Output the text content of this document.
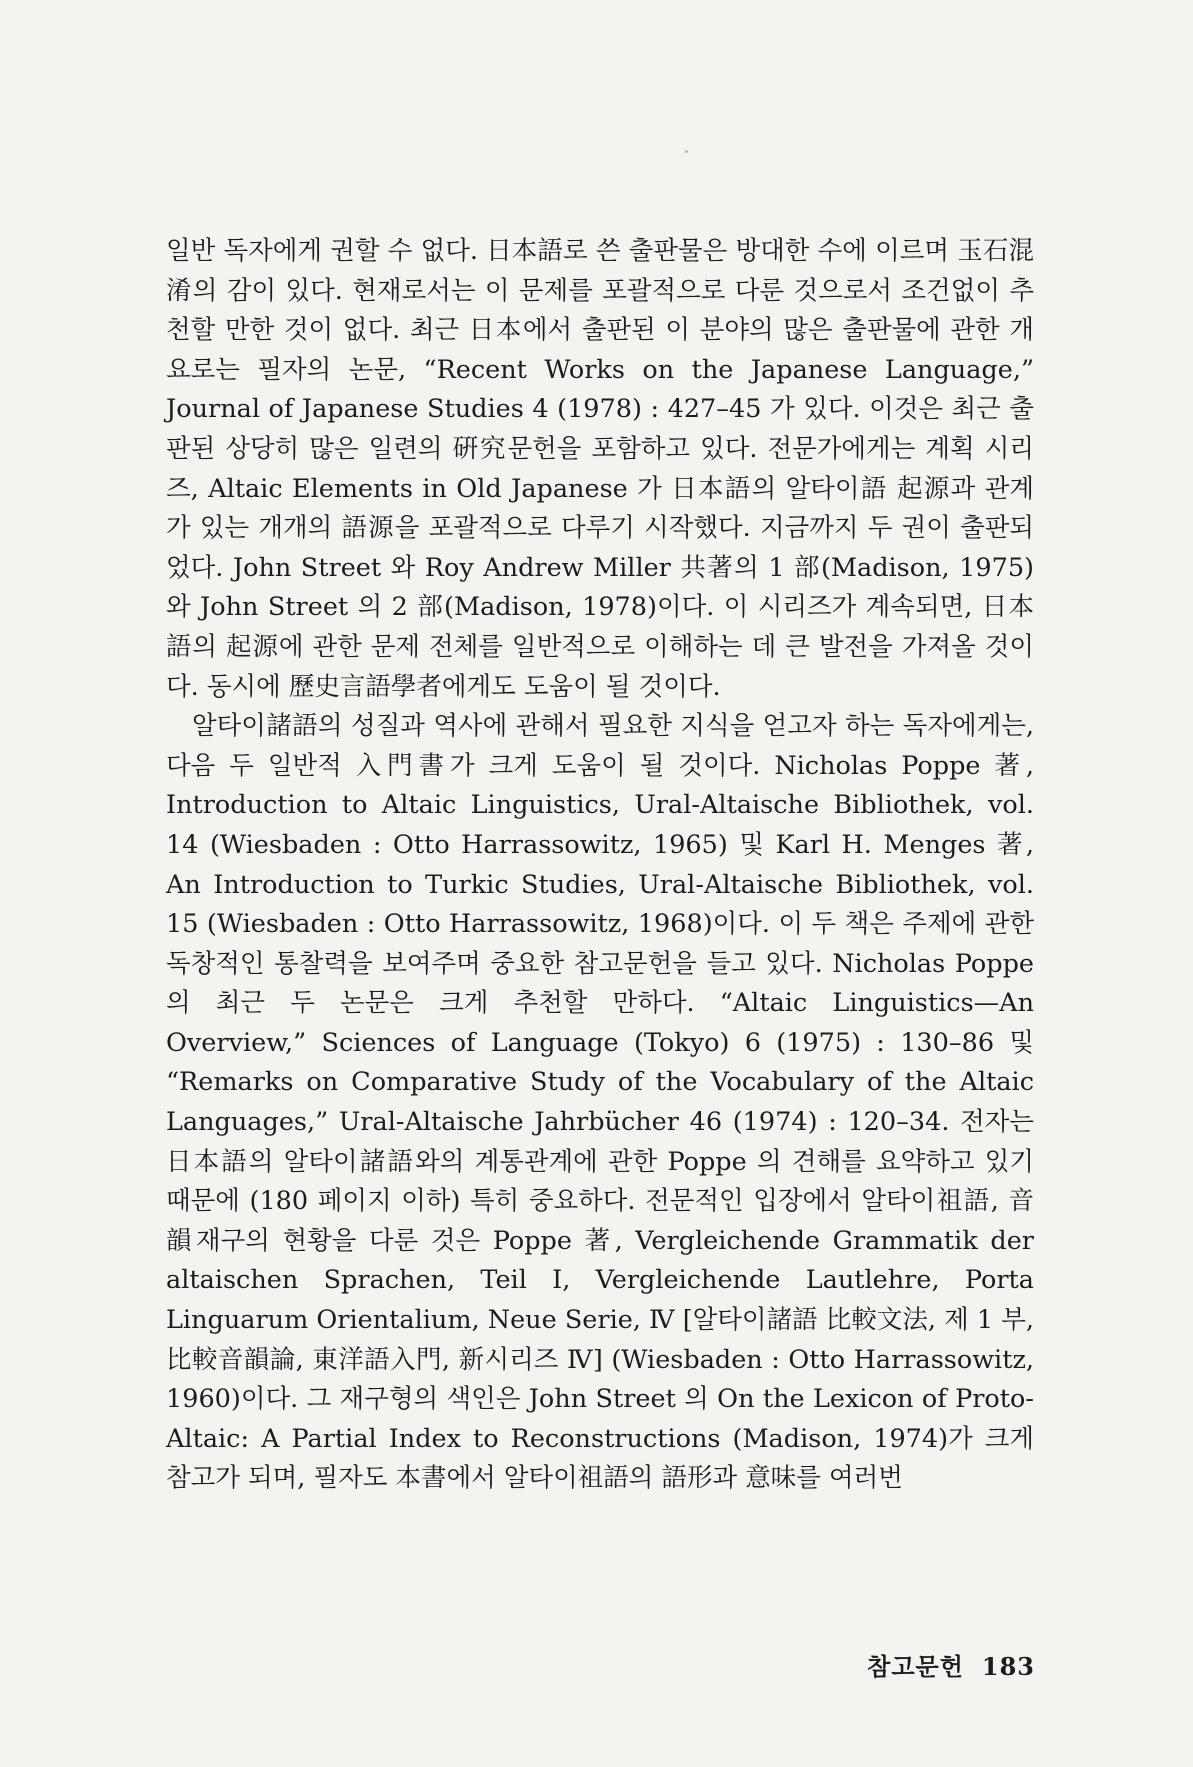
일반 독자에게 권할 수 없다. 日本語로 쓴 출판물은 방대한 수에 이르며 玉石混淆의 감이 있다. 현재로서는 이 문제를 포괄적으로 다룬 것으로서 조건없이 추천할 만한 것이 없다. 최근 日本에서 출판된 이 분야의 많은 출판물에 관한 개요로는 필자의 논문, “Recent Works on the Japanese Language,” Journal of Japanese Studies 4 (1978) : 427–45 가 있다. 이것은 최근 출판된 상당히 많은 일련의 硏究문헌을 포함하고 있다. 전문가에게는 계획 시리즈, Altaic Elements in Old Japanese 가 日本語의 알타이語 起源과 관계가 있는 개개의 語源을 포괄적으로 다루기 시작했다. 지금까지 두 권이 출판되었다. John Street 와 Roy Andrew Miller 共著의 1 部(Madison, 1975)와 John Street 의 2 部(Madison, 1978)이다. 이 시리즈가 계속되면, 日本語의 起源에 관한 문제 전체를 일반적으로 이해하는 데 큰 발전을 가져올 것이다. 동시에 歷史言語學者에게도 도움이 될 것이다.

알타이諸語의 성질과 역사에 관해서 필요한 지식을 얻고자 하는 독자에게는, 다음 두 일반적 入門書가 크게 도움이 될 것이다. Nicholas Poppe 著, Introduction to Altaic Linguistics, Ural-Altaische Bibliothek, vol. 14 (Wiesbaden : Otto Harrassowitz, 1965) 및 Karl H. Menges 著, An Introduction to Turkic Studies, Ural-Altaische Bibliothek, vol. 15 (Wiesbaden : Otto Harrassowitz, 1968)이다. 이 두 책은 주제에 관한 독창적인 통찰력을 보여주며 중요한 참고문헌을 들고 있다. Nicholas Poppe 의 최근 두 논문은 크게 추천할 만하다. “Altaic Linguistics—An Overview,” Sciences of Language (Tokyo) 6 (1975) : 130–86 및 “Remarks on Comparative Study of the Vocabulary of the Altaic Languages,” Ural-Altaische Jahrbücher 46 (1974) : 120–34. 전자는 日本語의 알타이諸語와의 계통관계에 관한 Poppe 의 견해를 요약하고 있기 때문에 (180 페이지 이하) 특히 중요하다. 전문적인 입장에서 알타이祖語, 音韻재구의 현황을 다룬 것은 Poppe 著, Vergleichende Grammatik der altaischen Sprachen, Teil I, Vergleichende Lautlehre, Porta Linguarum Orientalium, Neue Serie, Ⅳ [알타이諸語 比較文法, 제 1 부, 比較音韻論, 東洋語入門, 新시리즈 Ⅳ] (Wiesbaden : Otto Harrassowitz, 1960)이다. 그 재구형의 색인은 John Street 의 On the Lexicon of Proto-Altaic: A Partial Index to Reconstructions (Madison, 1974)가 크게 참고가 되며, 필자도 本書에서 알타이祖語의 語形과 意味를 여러번

참고문헌 183
